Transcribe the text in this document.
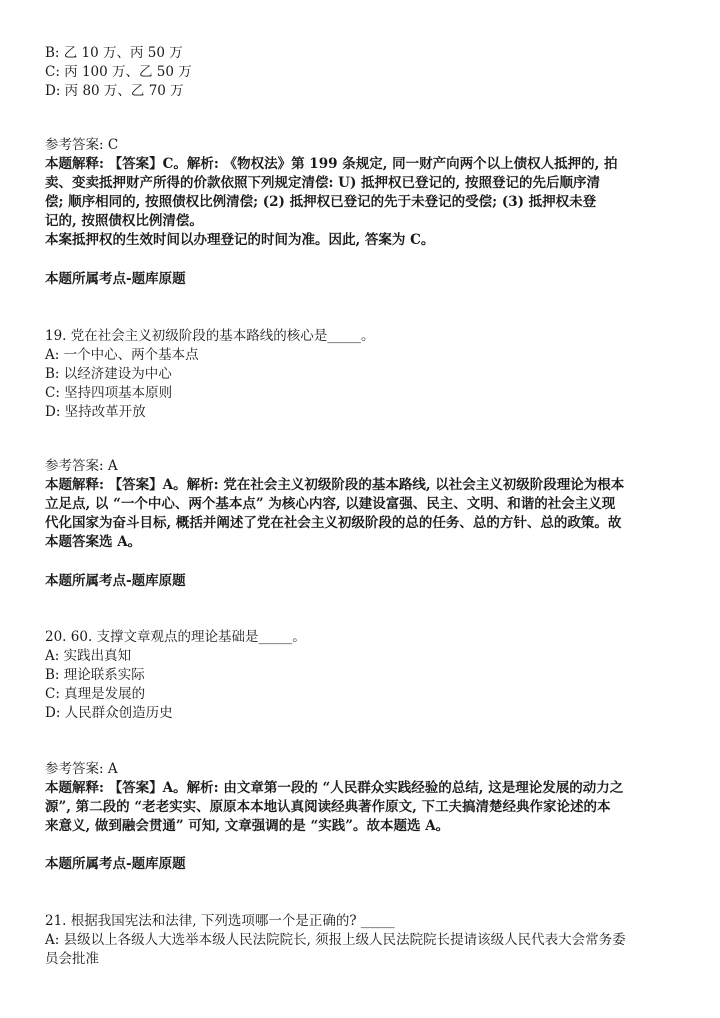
B: 乙 10 万、丙 50 万
C: 丙 100 万、乙 50 万
D: 丙 80 万、乙 70 万
参考答案: C
本题解释: 【答案】C。解析: 《物权法》第 199 条规定, 同一财产向两个以上债权人抵押的, 拍
卖、变卖抵押财产所得的价款依照下列规定清偿: U) 抵押权已登记的, 按照登记的先后顺序清
偿; 顺序相同的, 按照债权比例清偿; (2) 抵押权已登记的先于未登记的受偿; (3) 抵押权未登
记的, 按照债权比例清偿。
本案抵押权的生效时间以办理登记的时间为准。因此, 答案为 C。
本题所属考点-题库原题
19. 党在社会主义初级阶段的基本路线的核心是_____。
A: 一个中心、两个基本点
B: 以经济建设为中心
C: 坚持四项基本原则
D: 坚持改革开放
参考答案: A
本题解释: 【答案】A。解析: 党在社会主义初级阶段的基本路线, 以社会主义初级阶段理论为根本
立足点, 以 “一个中心、两个基本点” 为核心内容, 以建设富强、民主、文明、和谐的社会主义现
代化国家为奋斗目标, 概括并阐述了党在社会主义初级阶段的总的任务、总的方针、总的政策。故
本题答案选 A。
本题所属考点-题库原题
20. 60. 支撑文章观点的理论基础是_____。
A: 实践出真知
B: 理论联系实际
C: 真理是发展的
D: 人民群众创造历史
参考答案: A
本题解释: 【答案】A。解析: 由文章第一段的 “人民群众实践经验的总结, 这是理论发展的动力之
源”, 第二段的 “老老实实、原原本本地认真阅读经典著作原文, 下工夫搞清楚经典作家论述的本
来意义, 做到融会贯通” 可知, 文章强调的是 “实践”。故本题选 A。
本题所属考点-题库原题
21. 根据我国宪法和法律, 下列选项哪一个是正确的? _____
A: 县级以上各级人大选举本级人民法院院长, 须报上级人民法院院长提请该级人民代表大会常务委
员会批准
